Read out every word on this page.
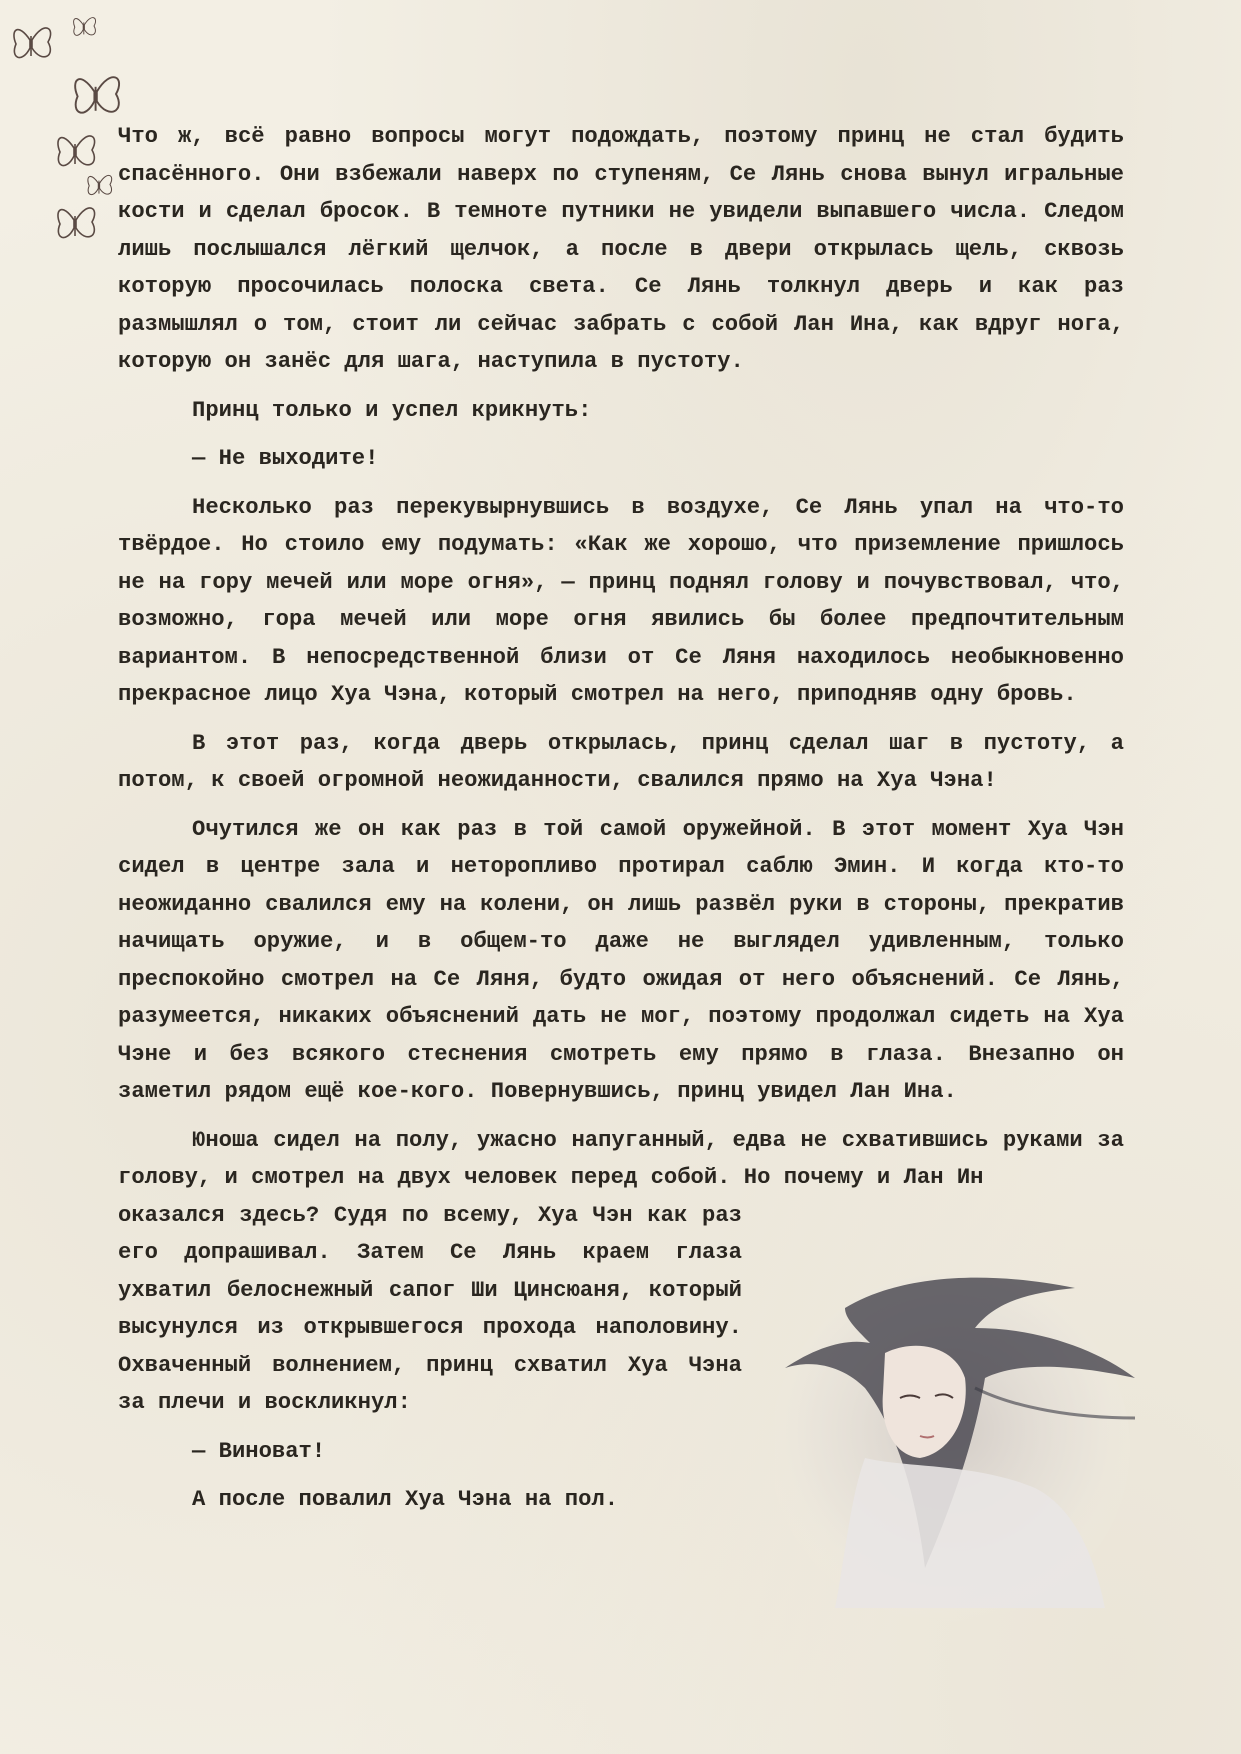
Что ж, всё равно вопросы могут подождать, поэтому принц не стал будить спасённого. Они взбежали наверх по ступеням, Се Лянь снова вынул игральные кости и сделал бросок. В темноте путники не увидели выпавшего числа. Следом лишь послышался лёгкий щелчок, а после в двери открылась щель, сквозь которую просочилась полоска света. Се Лянь толкнул дверь и как раз размышлял о том, стоит ли сейчас забрать с собой Лан Ина, как вдруг нога, которую он занёс для шага, наступила в пустоту.

Принц только и успел крикнуть:

— Не выходите!

Несколько раз перекувырнувшись в воздухе, Се Лянь упал на что-то твёрдое. Но стоило ему подумать: «Как же хорошо, что приземление пришлось не на гору мечей или море огня», — принц поднял голову и почувствовал, что, возможно, гора мечей или море огня явились бы более предпочтительным вариантом. В непосредственной близи от Се Ляня находилось необыкновенно прекрасное лицо Хуа Чэна, который смотрел на него, приподняв одну бровь.

В этот раз, когда дверь открылась, принц сделал шаг в пустоту, а потом, к своей огромной неожиданности, свалился прямо на Хуа Чэна!

Очутился же он как раз в той самой оружейной. В этот момент Хуа Чэн сидел в центре зала и неторопливо протирал саблю Эмин. И когда кто-то неожиданно свалился ему на колени, он лишь развёл руки в стороны, прекратив начищать оружие, и в общем-то даже не выглядел удивленным, только преспокойно смотрел на Се Ляня, будто ожидая от него объяснений. Се Лянь, разумеется, никаких объяснений дать не мог, поэтому продолжал сидеть на Хуа Чэне и без всякого стеснения смотреть ему прямо в глаза. Внезапно он заметил рядом ещё кое-кого. Повернувшись, принц увидел Лан Ина.

Юноша сидел на полу, ужасно напуганный, едва не схватившись руками за голову, и смотрел на двух человек перед собой. Но почему и Лан Ин

оказался здесь? Судя по всему, Хуа Чэн как раз его допрашивал. Затем Се Лянь краем глаза ухватил белоснежный сапог Ши Цинсюаня, который высунулся из открывшегося прохода наполовину. Охваченный волнением, принц схватил Хуа Чэна за плечи и воскликнул:

— Виноват!

А после повалил Хуа Чэна на пол.
